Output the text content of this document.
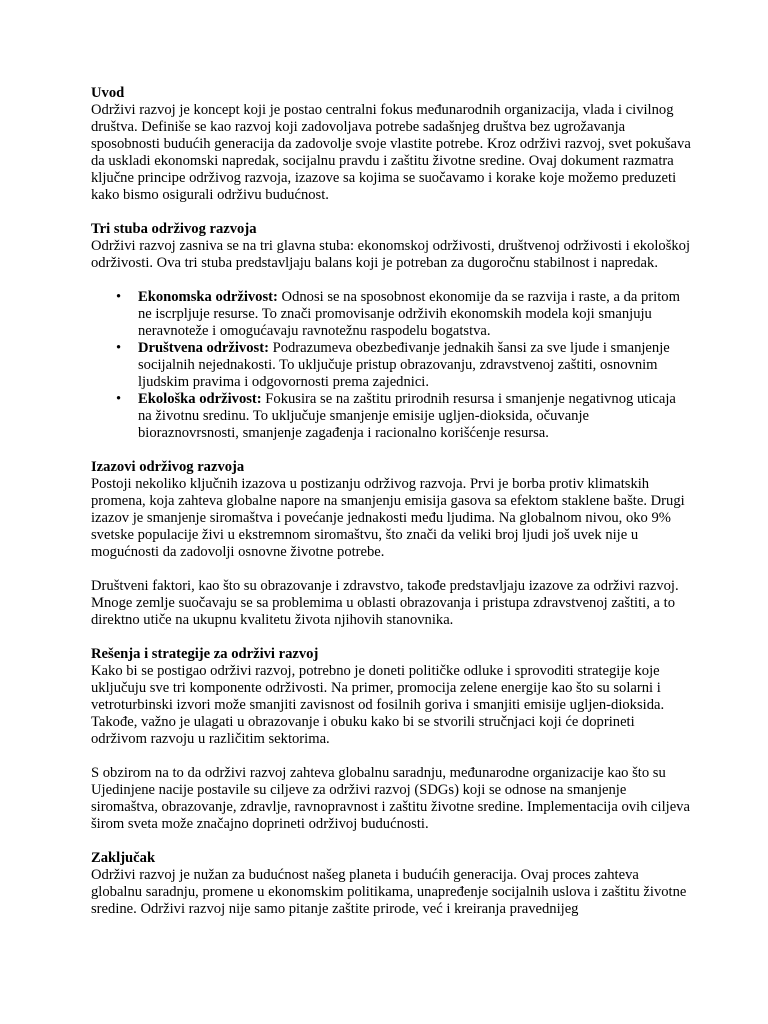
Uvod

Održivi razvoj je koncept koji je postao centralni fokus međunarodnih organizacija, vlada i civilnog društva. Definiše se kao razvoj koji zadovoljava potrebe sadašnjeg društva bez ugrožavanja sposobnosti budućih generacija da zadovolje svoje vlastite potrebe. Kroz održivi razvoj, svet pokušava da uskladi ekonomski napredak, socijalnu pravdu i zaštitu životne sredine. Ovaj dokument razmatra ključne principe održivog razvoja, izazove sa kojima se suočavamo i korake koje možemo preduzeti kako bismo osigurali održivu budućnost.

Tri stuba održivog razvoja

Održivi razvoj zasniva se na tri glavna stuba: ekonomskoj održivosti, društvenoj održivosti i ekološkoj održivosti. Ova tri stuba predstavljaju balans koji je potreban za dugoročnu stabilnost i napredak.

• Ekonomska održivost: Odnosi se na sposobnost ekonomije da se razvija i raste, a da pritom ne iscrpljuje resurse. To znači promovisanje održivih ekonomskih modela koji smanjuju neravnoteže i omogućavaju ravnotežnu raspodelu bogatstva.
• Društvena održivost: Podrazumeva obezbeđivanje jednakih šansi za sve ljude i smanjenje socijalnih nejednakosti. To uključuje pristup obrazovanju, zdravstvenoj zaštiti, osnovnim ljudskim pravima i odgovornosti prema zajednici.
• Ekološka održivost: Fokusira se na zaštitu prirodnih resursa i smanjenje negativnog uticaja na životnu sredinu. To uključuje smanjenje emisije ugljen-dioksida, očuvanje bioraznovrsnosti, smanjenje zagađenja i racionalno korišćenje resursa.

Izazovi održivog razvoja

Postoji nekoliko ključnih izazova u postizanju održivog razvoja. Prvi je borba protiv klimatskih promena, koja zahteva globalne napore na smanjenju emisija gasova sa efektom staklene bašte. Drugi izazov je smanjenje siromaštva i povećanje jednakosti među ljudima. Na globalnom nivou, oko 9% svetske populacije živi u ekstremnom siromaštvu, što znači da veliki broj ljudi još uvek nije u mogućnosti da zadovolji osnovne životne potrebe.

Društveni faktori, kao što su obrazovanje i zdravstvo, takođe predstavljaju izazove za održivi razvoj. Mnoge zemlje suočavaju se sa problemima u oblasti obrazovanja i pristupa zdravstvenoj zaštiti, a to direktno utiče na ukupnu kvalitetu života njihovih stanovnika.

Rešenja i strategije za održivi razvoj

Kako bi se postigao održivi razvoj, potrebno je doneti političke odluke i sprovoditi strategije koje uključuju sve tri komponente održivosti. Na primer, promocija zelene energije kao što su solarni i vetroturbinski izvori može smanjiti zavisnost od fosilnih goriva i smanjiti emisije ugljen-dioksida. Takođe, važno je ulagati u obrazovanje i obuku kako bi se stvorili stručnjaci koji će doprineti održivom razvoju u različitim sektorima.

S obzirom na to da održivi razvoj zahteva globalnu saradnju, međunarodne organizacije kao što su Ujedinjene nacije postavile su ciljeve za održivi razvoj (SDGs) koji se odnose na smanjenje siromaštva, obrazovanje, zdravlje, ravnopravnost i zaštitu životne sredine. Implementacija ovih ciljeva širom sveta može značajno doprineti održivoj budućnosti.

Zaključak

Održivi razvoj je nužan za budućnost našeg planeta i budućih generacija. Ovaj proces zahteva globalnu saradnju, promene u ekonomskim politikama, unapređenje socijalnih uslova i zaštitu životne sredine. Održivi razvoj nije samo pitanje zaštite prirode, već i kreiranja pravednijeg
